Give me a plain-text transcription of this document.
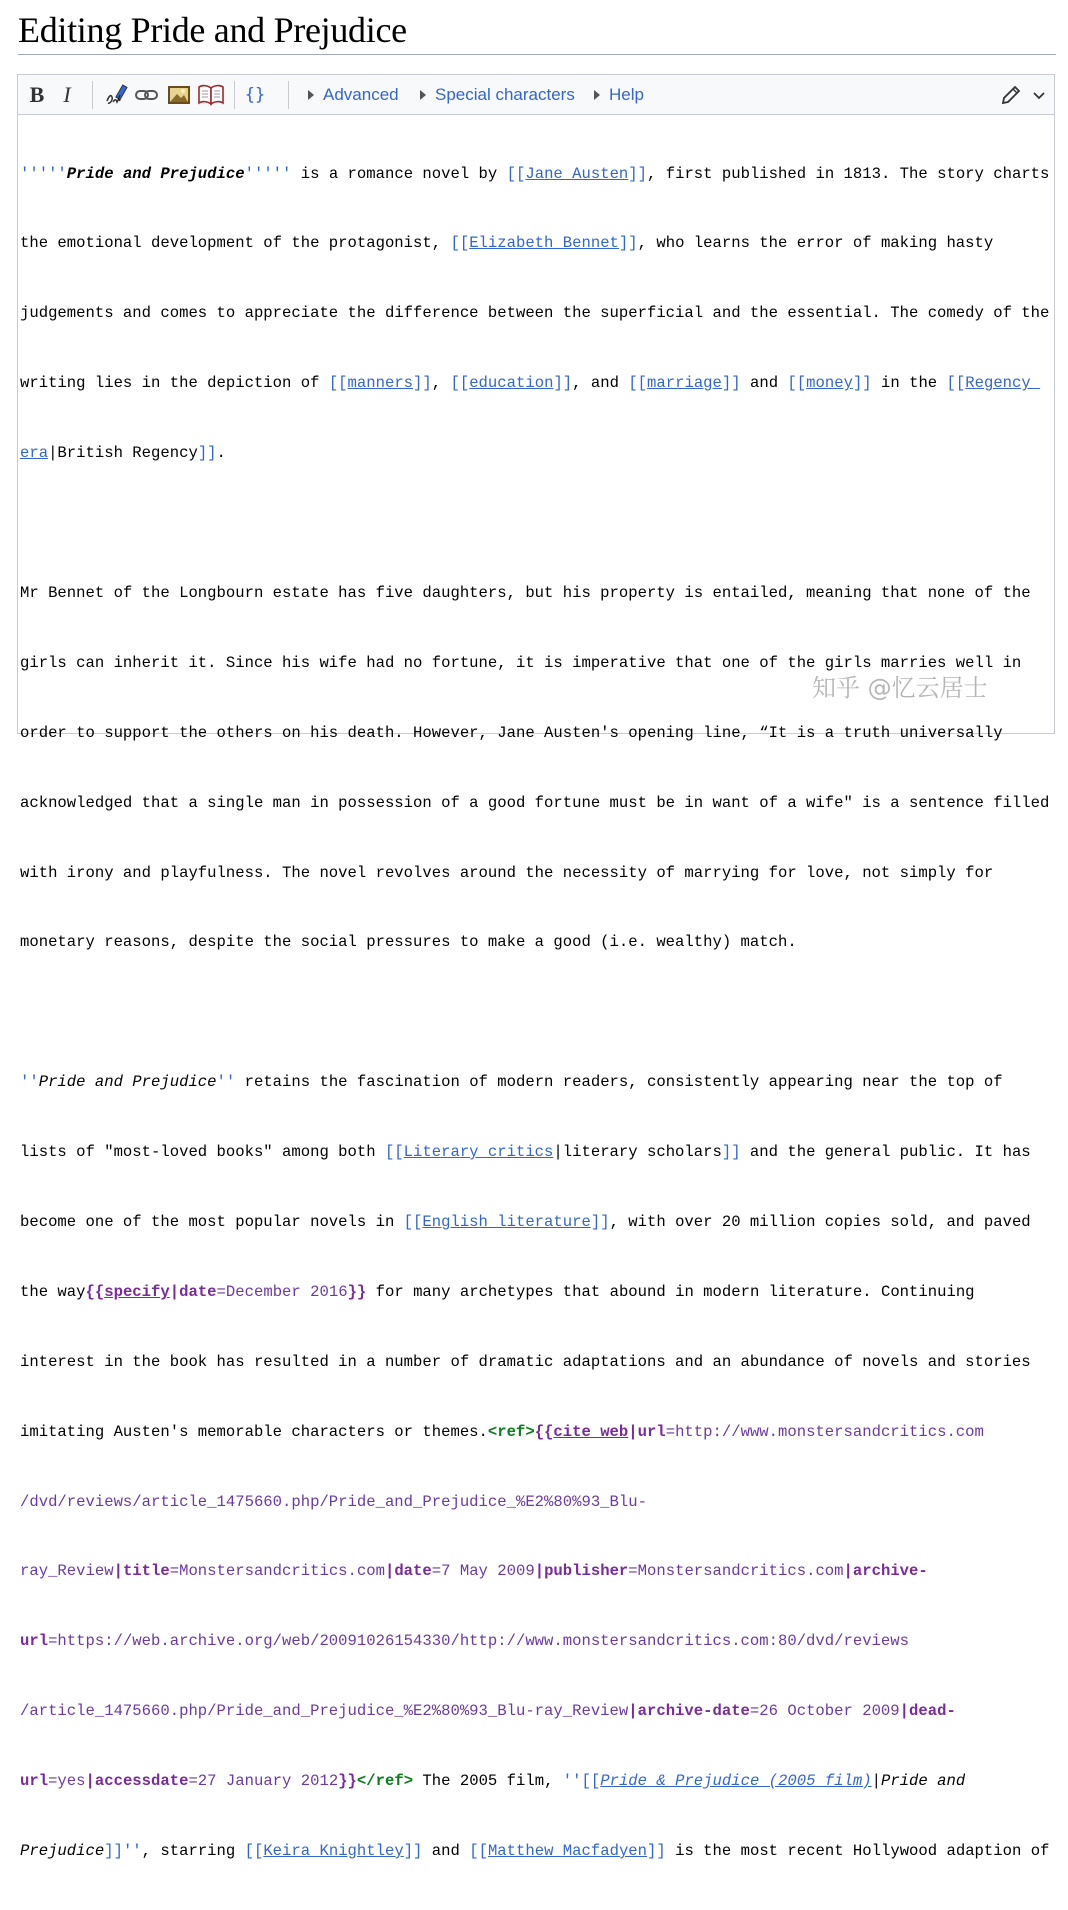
Editing Pride and Prejudice
B I	{}	Advanced Special characters Help

'''''Pride and Prejudice''''' is a romance novel by [[Jane Austen]], first published in 1813. The story charts

the emotional development of the protagonist, [[Elizabeth Bennet]], who learns the error of making hasty

judgements and comes to appreciate the difference between the superficial and the essential. The comedy of the

writing lies in the depiction of [[manners]], [[education]], and [[marriage]] and [[money]] in the [[Regency

era|British Regency]].

Mr Bennet of the Longbourn estate has five daughters, but his property is entailed, meaning that none of the

girls can inherit it. Since his wife had no fortune, it is imperative that one of the girls marries well in

order to support the others on his death. However, Jane Austen's opening line, “It is a truth universally

acknowledged that a single man in possession of a good fortune must be in want of a wife" is a sentence filled

with irony and playfulness. The novel revolves around the necessity of marrying for love, not simply for

monetary reasons, despite the social pressures to make a good (i.e. wealthy) match.

''Pride and Prejudice'' retains the fascination of modern readers, consistently appearing near the top of

lists of "most-loved books" among both [[Literary critics|literary scholars]] and the general public. It has

become one of the most popular novels in [[English literature]], with over 20 million copies sold, and paved

the way{{specify|date=December 2016}} for many archetypes that abound in modern literature. Continuing

interest in the book has resulted in a number of dramatic adaptations and an abundance of novels and stories

imitating Austen's memorable characters or themes.<ref>{{cite web|url=http://www.monstersandcritics.com

/dvd/reviews/article_1475660.php/Pride_and_Prejudice_%E2%80%93_Blu-

ray_Review|title=Monstersandcritics.com|date=7 May 2009|publisher=Monstersandcritics.com|archive-

url=https://web.archive.org/web/20091026154330/http://www.monstersandcritics.com:80/dvd/reviews

/article_1475660.php/Pride_and_Prejudice_%E2%80%93_Blu-ray_Review|archive-date=26 October 2009|dead-

url=yes|accessdate=27 January 2012}}</ref> The 2005 film, ''[[Pride & Prejudice (2005 film)|Pride and

Prejudice]]'', starring [[Keira Knightley]] and [[Matthew Macfadyen]] is the most recent Hollywood adaption of

知乎 @忆云居士
